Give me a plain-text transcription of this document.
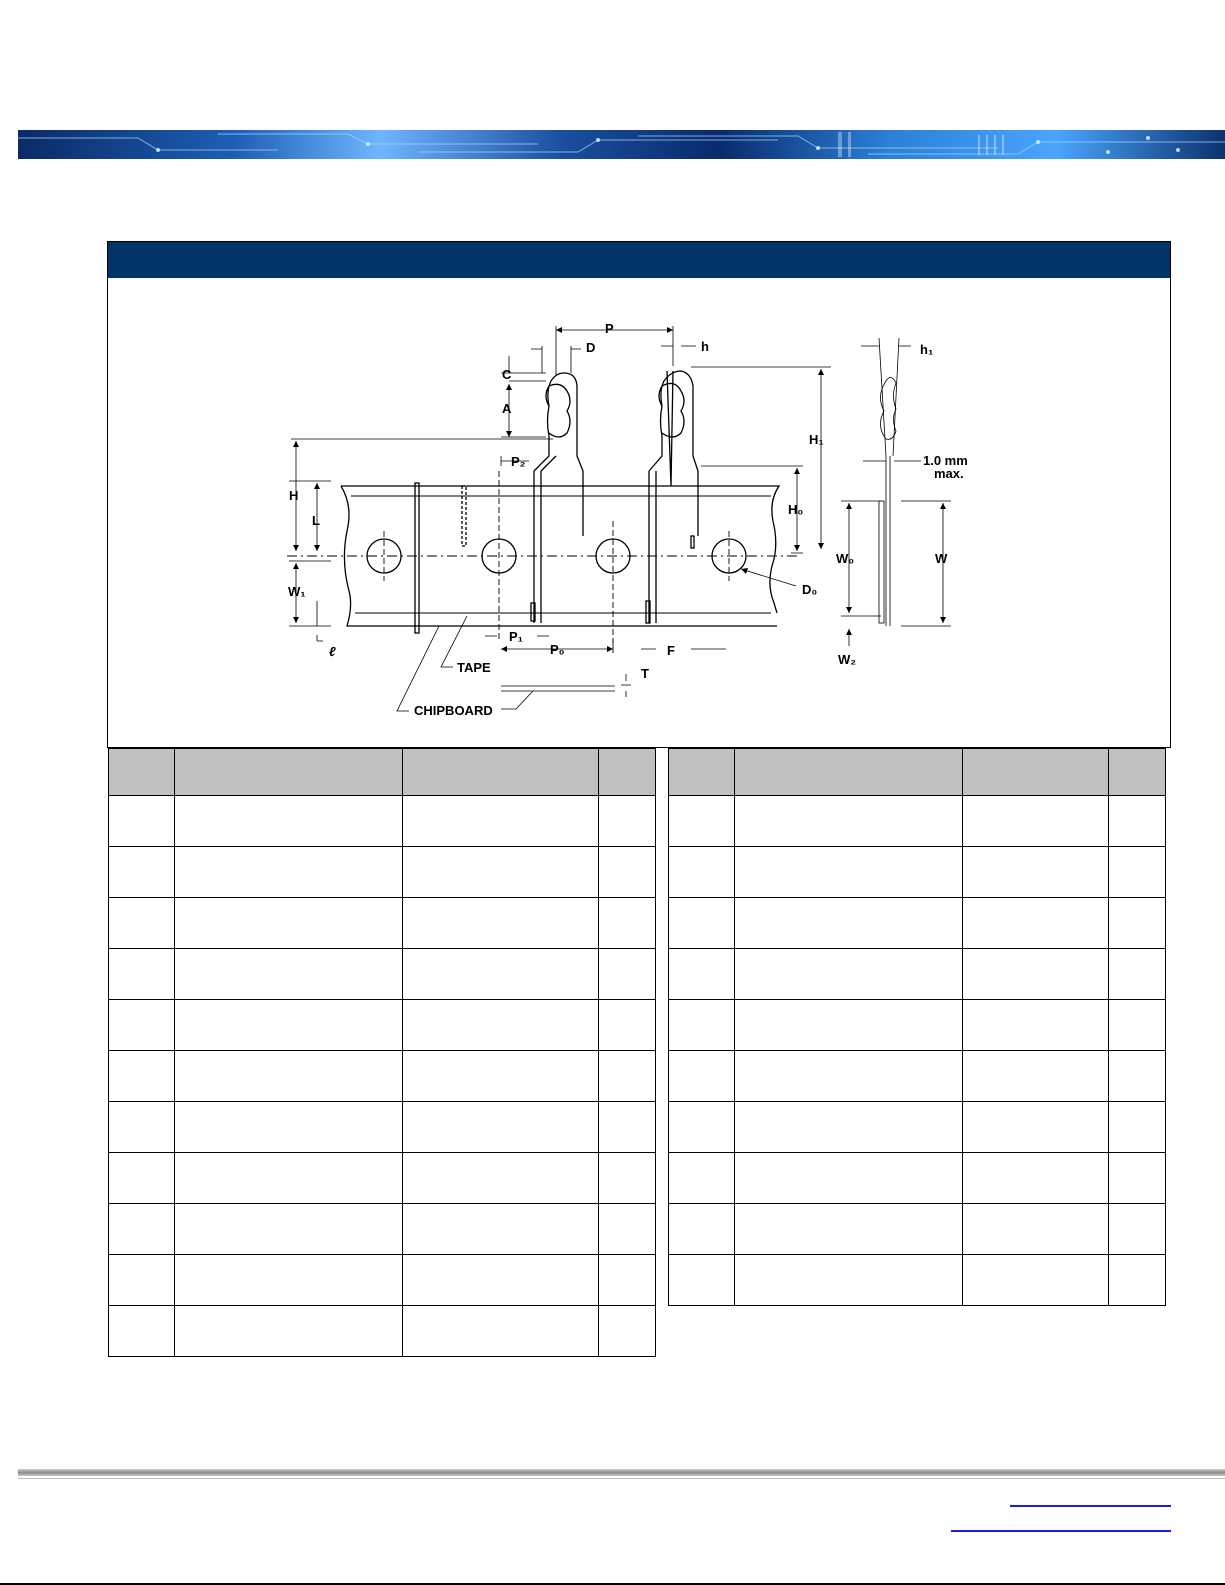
P
D	h
C
A
H₁
P₂
H
L
H₀
W₁	D₀
P₁
P₀	F
ℓ
TAPE	T
CHIPBOARD
h₁
1.0 mm
max.
W₀	W
W₂
